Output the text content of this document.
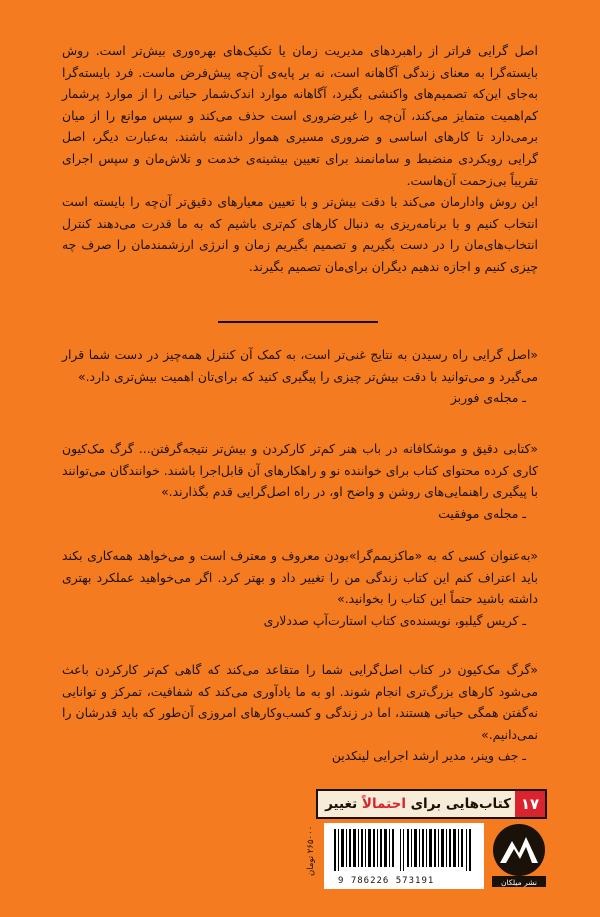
اصل گرایی فراتر از راهبردهای مدیریت زمان یا تکنیک‌های بهره‌وری بیش‌تر است. روش بایسته‌گرا به معنای زندگی آگاهانه است، نه بر پایه‌ی آن‌چه پیش‌فرض ماست. فرد بایسته‌گرا به‌جای این‌که تصمیم‌های واکنشی بگیرد، آگاهانه موارد اندک‌شمار حیاتی را از موارد پرشمار کم‌اهمیت متمایز می‌کند، آن‌چه را غیرضروری است حذف می‌کند و سپس موانع را از میان برمی‌دارد تا کارهای اساسی و ضروری مسیری هموار داشته باشند. به‌عبارت دیگر، اصل گرایی رویکردی منضبط و سامانمند برای تعیین بیشینه‌ی خدمت و تلاش‌مان و سپس اجرای تقریباً بی‌زحمت آن‌هاست.

این روش وادارمان می‌کند با دقت بیش‌تر و با تعیین معیارهای دقیق‌تر آن‌چه را بایسته است انتخاب کنیم و با برنامه‌ریزی به دنبال کارهای کم‌تری باشیم که به ما قدرت می‌دهند کنترل انتخاب‌های‌مان را در دست بگیریم و تصمیم بگیریم زمان و انرژی ارزشمندمان را صرف چه چیزی کنیم و اجازه ندهیم دیگران برای‌مان تصمیم بگیرند.

«اصل گرایی راه رسیدن به نتایج غنی‌تر است، به کمک آن کنترل همه‌چیز در دست شما قرار می‌گیرد و می‌توانید با دقت بیش‌تر چیزی را پیگیری کنید که برای‌تان اهمیت بیش‌تری دارد.»
ـ مجله‌ی فوربز
«کتابی دقیق و موشکافانه در باب هنر کم‌تر کارکردن و بیش‌تر نتیجه‌گرفتن... گرگ مک‌کیون کاری کرده محتوای کتاب برای خواننده نو و راهکارهای آن قابل‌اجرا باشند. خوانندگان می‌توانند با پیگیری راهنمایی‌های روشن و واضح او، در راه اصل‌گرایی قدم بگذارند.»
ـ مجله‌ی موفقیت
«به‌عنوان کسی که به «ماکزیمم‌گرا»بودن معروف و معترف است و می‌خواهد همه‌کاری بکند باید اعتراف کنم این کتاب زندگی من را تغییر داد و بهتر کرد. اگر می‌خواهید عملکرد بهتری داشته باشید حتماً این کتاب را بخوانید.»
ـ کریس گیلبو، نویسنده‌ی کتاب استارت‌آپ صددلاری
«گرگ مک‌کیون در کتاب اصل‌گرایی شما را متقاعد می‌کند که گاهی کم‌تر کارکردن باعث می‌شود کارهای بزرگ‌تری انجام شوند. او به ما یادآوری می‌کند که شفافیت، تمرکز و توانایی نه‌گفتن همگی حیاتی هستند، اما در زندگی و کسب‌وکارهای امروزی آن‌طور که باید قدرشان را نمی‌دانیم.»
ـ جف وینر، مدیر ارشد اجرایی لینکدین
۱۷
کتاب‌هایی برای احتمالاً تغییر
۲۶۵۰۰۰ تومان
9 786226 573191	نشر میلکان
